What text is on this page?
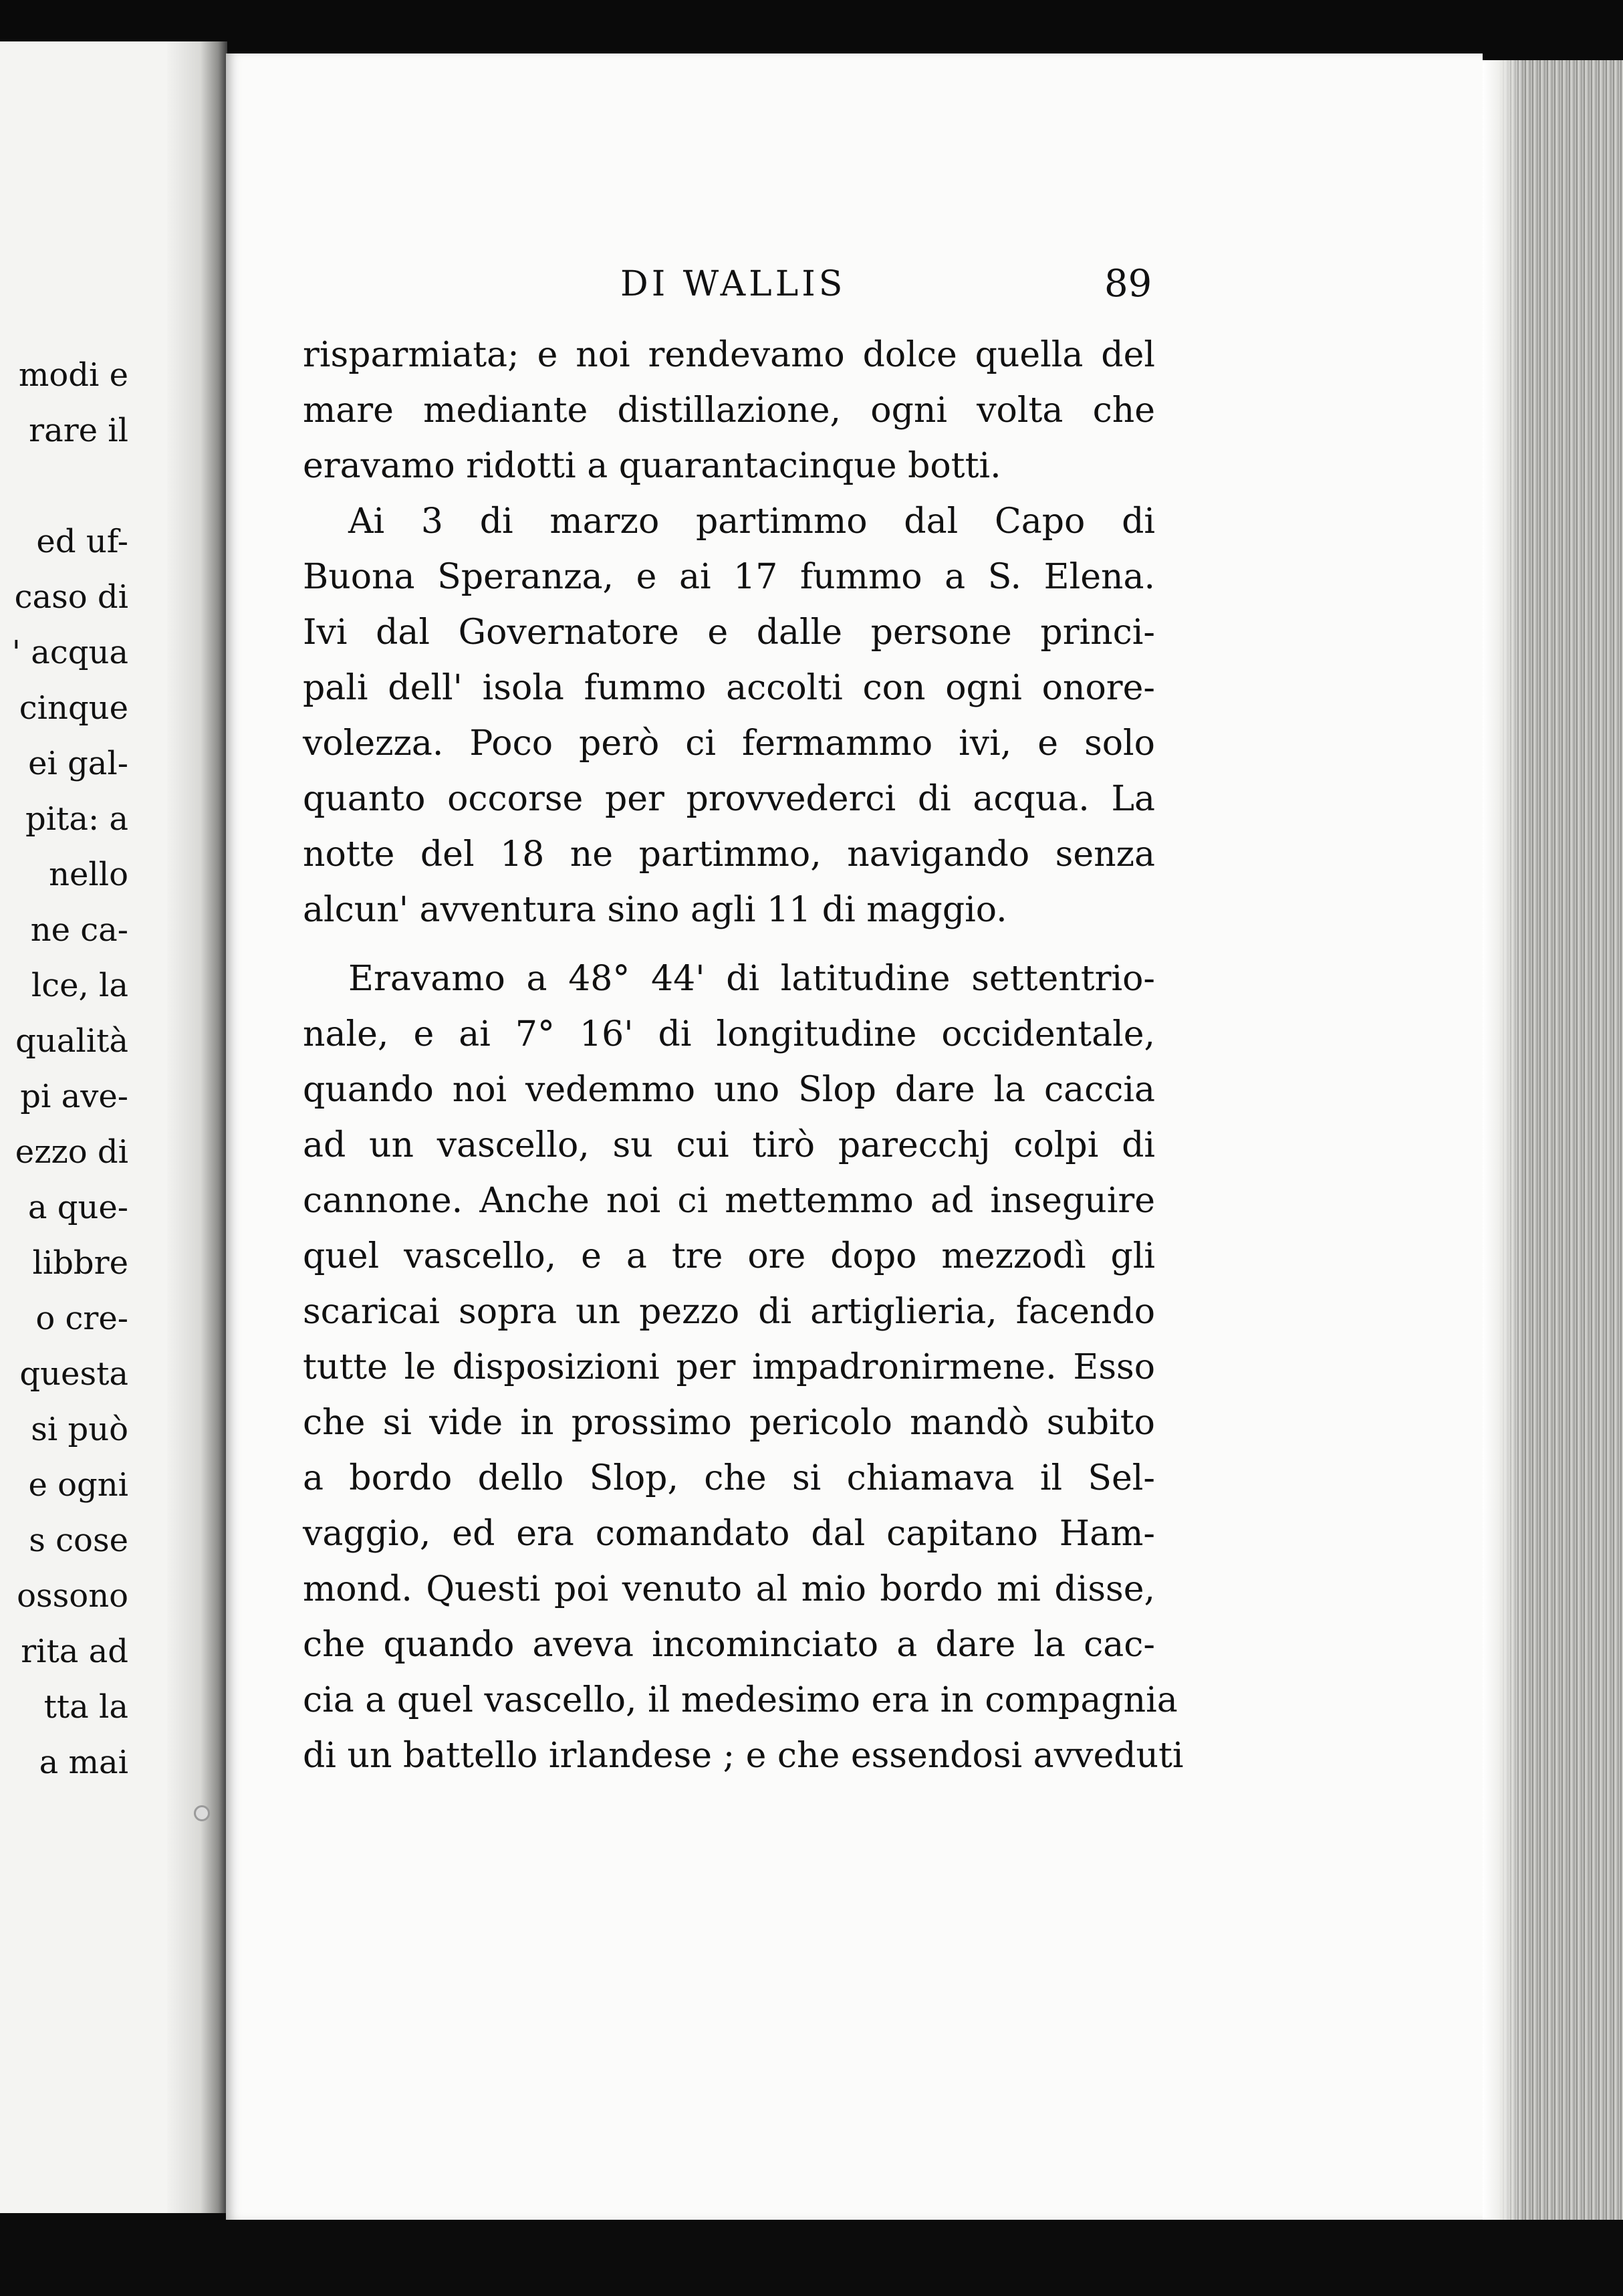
modi e
rare il
ed uf-
caso di
' acqua
cinque
ei gal-
pita: a
nello
ne ca-
lce, la
qualità
pi ave-
ezzo di
a que-
libbre
o cre-
questa
si può
e ogni
s cose
ossono
rita ad
tta la
a mai
DI WALLIS	89
risparmiata; e noi rendevamo dolce quella del
mare mediante distillazione, ogni volta che
eravamo ridotti a quarantacinque botti.
Ai 3 di marzo partimmo dal Capo di
Buona Speranza, e ai 17 fummo a S. Elena.
Ivi dal Governatore e dalle persone princi-
pali dell' isola fummo accolti con ogni onore-
volezza. Poco però ci fermammo ivi, e solo
quanto occorse per provvederci di acqua. La
notte del 18 ne partimmo, navigando senza
alcun' avventura sino agli 11 di maggio.
Eravamo a 48° 44' di latitudine settentrio-
nale, e ai 7° 16' di longitudine occidentale,
quando noi vedemmo uno Slop dare la caccia
ad un vascello, su cui tirò parecchj colpi di
cannone. Anche noi ci mettemmo ad inseguire
quel vascello, e a tre ore dopo mezzodì gli
scaricai sopra un pezzo di artiglieria, facendo
tutte le disposizioni per impadronirmene. Esso
che si vide in prossimo pericolo mandò subito
a bordo dello Slop, che si chiamava il Sel-
vaggio, ed era comandato dal capitano Ham-
mond. Questi poi venuto al mio bordo mi disse,
che quando aveva incominciato a dare la cac-
cia a quel vascello, il medesimo era in compagnia
di un battello irlandese ; e che essendosi avveduti
